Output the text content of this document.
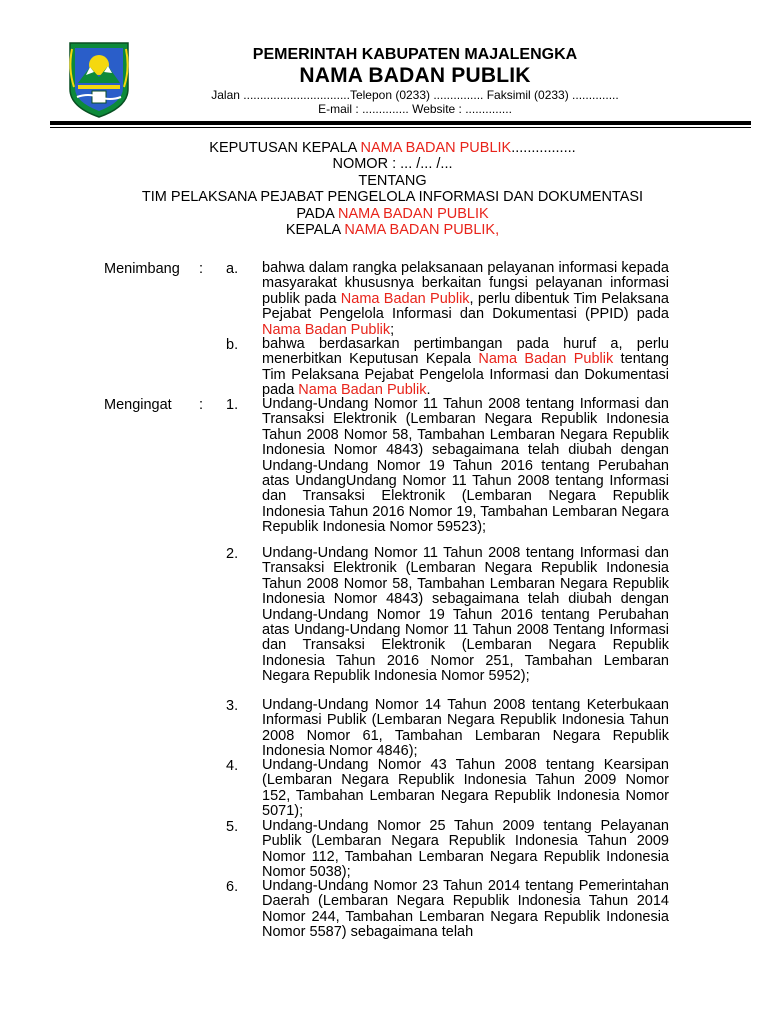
PEMERINTAH KABUPATEN MAJALENGKA
NAMA BADAN PUBLIK
Jalan ................................Telepon (0233) ............... Faksimil (0233) ..............
E-mail : .............. Website : ..............
KEPUTUSAN KEPALA NAMA BADAN PUBLIK................
NOMOR : ... /... /...
TENTANG
TIM PELAKSANA PEJABAT PENGELOLA INFORMASI DAN DOKUMENTASI
PADA NAMA BADAN PUBLIK
KEPALA NAMA BADAN PUBLIK,
Menimbang : a. bahwa dalam rangka pelaksanaan pelayanan informasi kepada masyarakat khususnya berkaitan fungsi pelayanan informasi publik pada Nama Badan Publik, perlu dibentuk Tim Pelaksana Pejabat Pengelola Informasi dan Dokumentasi (PPID) pada Nama Badan Publik;
b. bahwa berdasarkan pertimbangan pada huruf a, perlu menerbitkan Keputusan Kepala Nama Badan Publik tentang Tim Pelaksana Pejabat Pengelola Informasi dan Dokumentasi pada Nama Badan Publik.
Mengingat : 1. Undang-Undang Nomor 11 Tahun 2008 tentang Informasi dan Transaksi Elektronik (Lembaran Negara Republik Indonesia Tahun 2008 Nomor 58, Tambahan Lembaran Negara Republik Indonesia Nomor 4843) sebagaimana telah diubah dengan Undang-Undang Nomor 19 Tahun 2016 tentang Perubahan atas UndangUndang Nomor 11 Tahun 2008 tentang Informasi dan Transaksi Elektronik (Lembaran Negara Republik Indonesia Tahun 2016 Nomor 19, Tambahan Lembaran Negara Republik Indonesia Nomor 59523);
2. Undang-Undang Nomor 11 Tahun 2008 tentang Informasi dan Transaksi Elektronik (Lembaran Negara Republik Indonesia Tahun 2008 Nomor 58, Tambahan Lembaran Negara Republik Indonesia Nomor 4843) sebagaimana telah diubah dengan Undang-Undang Nomor 19 Tahun 2016 tentang Perubahan atas Undang-Undang Nomor 11 Tahun 2008 Tentang Informasi dan Transaksi Elektronik (Lembaran Negara Republik Indonesia Tahun 2016 Nomor 251, Tambahan Lembaran Negara Republik Indonesia Nomor 5952);
3. Undang-Undang Nomor 14 Tahun 2008 tentang Keterbukaan Informasi Publik (Lembaran Negara Republik Indonesia Tahun 2008 Nomor 61, Tambahan Lembaran Negara Republik Indonesia Nomor 4846);
4. Undang-Undang Nomor 43 Tahun 2008 tentang Kearsipan (Lembaran Negara Republik Indonesia Tahun 2009 Nomor 152, Tambahan Lembaran Negara Republik Indonesia Nomor 5071);
5. Undang-Undang Nomor 25 Tahun 2009 tentang Pelayanan Publik (Lembaran Negara Republik Indonesia Tahun 2009 Nomor 112, Tambahan Lembaran Negara Republik Indonesia Nomor 5038);
6. Undang-Undang Nomor 23 Tahun 2014 tentang Pemerintahan Daerah (Lembaran Negara Republik Indonesia Tahun 2014 Nomor 244, Tambahan Lembaran Negara Republik Indonesia Nomor 5587) sebagaimana telah
